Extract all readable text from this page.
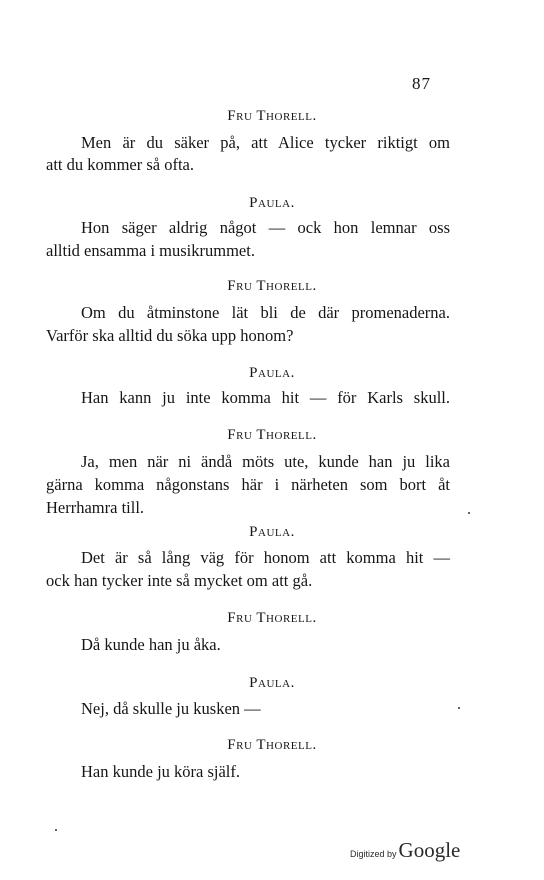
87
Fru Thorell.
Men är du säker på, att Alice tycker riktigt om
att du kommer så ofta.
Paula.
Hon säger aldrig något — ock hon lemnar oss
alltid ensamma i musikrummet.
Fru Thorell.
Om du åtminstone lät bli de där promenaderna.
Varför ska alltid du söka upp honom?
Paula.
Han kann ju inte komma hit — för Karls skull.
Fru Thorell.
Ja, men när ni ändå möts ute, kunde han ju lika
gärna komma någonstans här i närheten som bort åt
Herrhamra till.
Paula.
Det är så lång väg för honom att komma hit —
ock han tycker inte så mycket om att gå.
Fru Thorell.
Då kunde han ju åka.
Paula.
Nej, då skulle ju kusken —
Fru Thorell.
Han kunde ju köra själf.
Digitized byGoogle
